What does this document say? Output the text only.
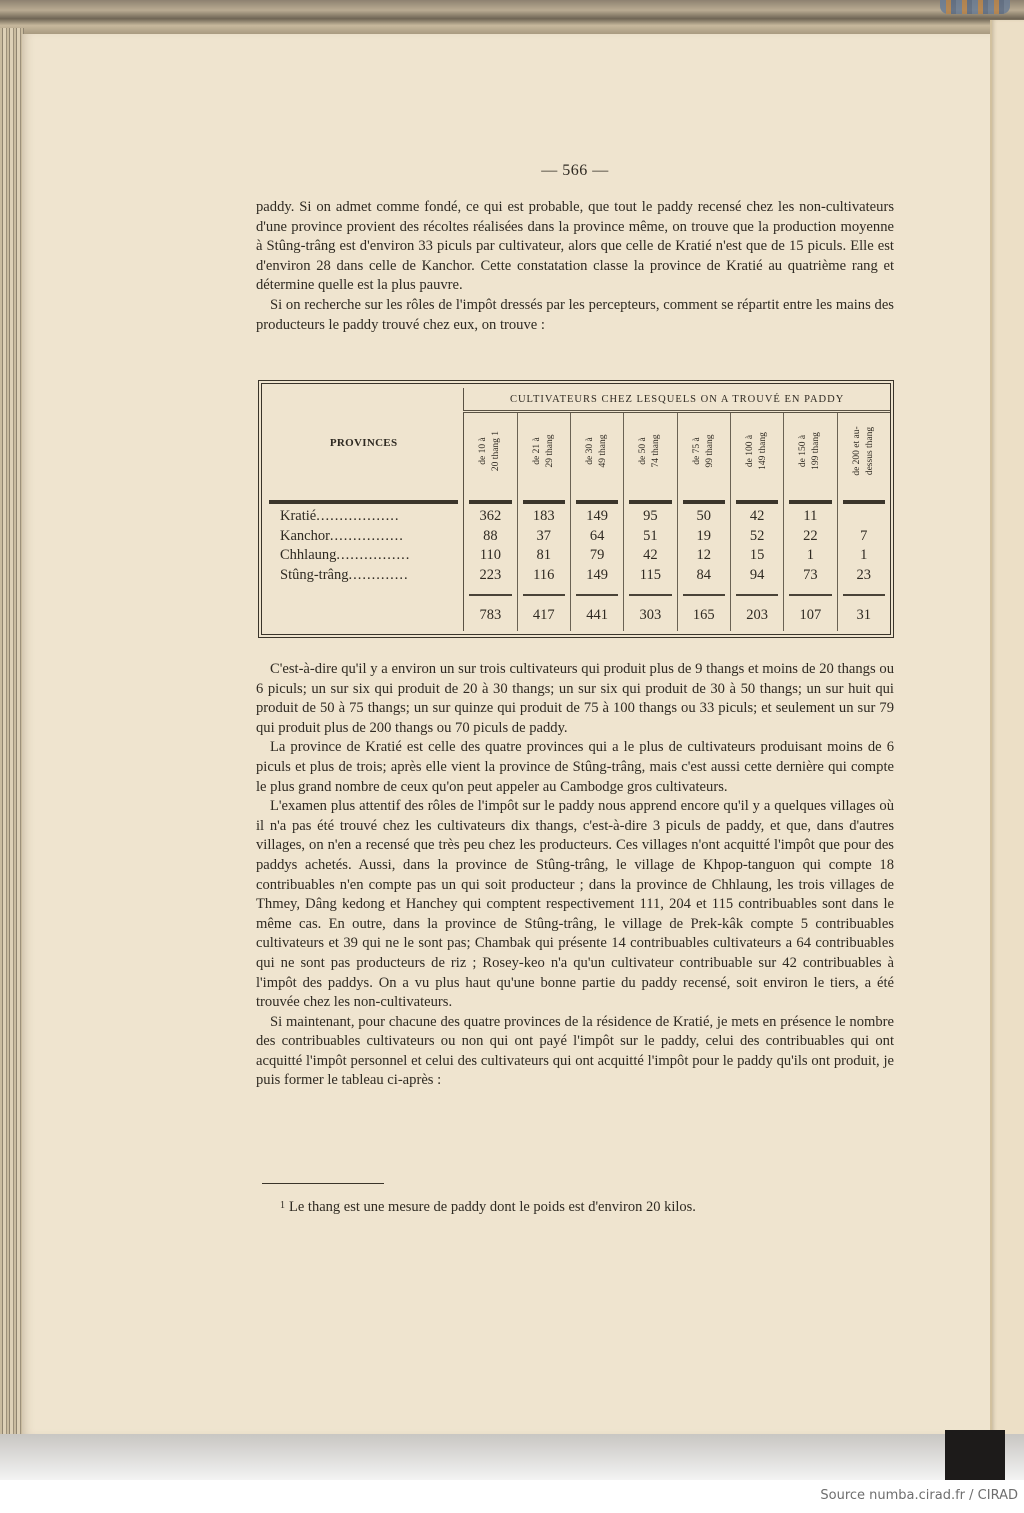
— 566 —

paddy. Si on admet comme fondé, ce qui est probable, que tout le paddy recensé chez les non-cultivateurs d'une province provient des récoltes réalisées dans la province même, on trouve que la production moyenne à Stûng-trâng est d'environ 33 piculs par cultivateur, alors que celle de Kratié n'est que de 15 piculs. Elle est d'environ 28 dans celle de Kanchor. Cette constatation classe la province de Kratié au quatrième rang et détermine quelle est la plus pauvre.

Si on recherche sur les rôles de l'impôt dressés par les percepteurs, comment se répartit entre les mains des producteurs le paddy trouvé chez eux, on trouve :

PROVINCES	CULTIVATEURS CHEZ LESQUELS ON A TROUVÉ EN PADDY							

	de 10 à 20 thang 1	de 21 à 29 thang	de 30 à 49 thang	de 50 à 74 thang	de 75 à 99 thang	de 100 à 149 thang	de 150 à 199 thang	de 200 et au- dessus thang

Kratié..................	362	183	149	95	50	42	11	
Kanchor................	88	37	64	51	19	52	22	7
Chhlaung................	110	81	79	42	12	15	1	1
Stûng-trâng.............	223	116	149	115	84	94	73	23

	783	417	441	303	165	203	107	31

C'est-à-dire qu'il y a environ un sur trois cultivateurs qui produit plus de 9 thangs et moins de 20 thangs ou 6 piculs; un sur six qui produit de 20 à 30 thangs; un sur six qui produit de 30 à 50 thangs; un sur huit qui produit de 50 à 75 thangs; un sur quinze qui produit de 75 à 100 thangs ou 33 piculs; et seulement un sur 79 qui produit plus de 200 thangs ou 70 piculs de paddy.

La province de Kratié est celle des quatre provinces qui a le plus de cultivateurs produisant moins de 6 piculs et plus de trois; après elle vient la province de Stûng-trâng, mais c'est aussi cette dernière qui compte le plus grand nombre de ceux qu'on peut appeler au Cambodge gros cultivateurs.

L'examen plus attentif des rôles de l'impôt sur le paddy nous apprend encore qu'il y a quelques villages où il n'a pas été trouvé chez les cultivateurs dix thangs, c'est-à-dire 3 piculs de paddy, et que, dans d'autres villages, on n'en a recensé que très peu chez les producteurs. Ces villages n'ont acquitté l'impôt que pour des paddys achetés. Aussi, dans la province de Stûng-trâng, le village de Khpop-tanguon qui compte 18 contribuables n'en compte pas un qui soit producteur ; dans la province de Chhlaung, les trois villages de Thmey, Dâng kedong et Hanchey qui comptent respectivement 111, 204 et 115 contribuables sont dans le même cas. En outre, dans la province de Stûng-trâng, le village de Prek-kâk compte 5 contribuables cultivateurs et 39 qui ne le sont pas; Chambak qui présente 14 contribuables cultivateurs a 64 contribuables qui ne sont pas producteurs de riz ; Rosey-keo n'a qu'un cultivateur contribuable sur 42 contribuables à l'impôt des paddys. On a vu plus haut qu'une bonne partie du paddy recensé, soit environ le tiers, a été trouvée chez les non-cultivateurs.

Si maintenant, pour chacune des quatre provinces de la résidence de Kratié, je mets en présence le nombre des contribuables cultivateurs ou non qui ont payé l'impôt sur le paddy, celui des contribuables qui ont acquitté l'impôt personnel et celui des cultivateurs qui ont acquitté l'impôt pour le paddy qu'ils ont produit, je puis former le tableau ci-après :

$^1$ Le thang est une mesure de paddy dont le poids est d'environ 20 kilos.
Source numba.cirad.fr / CIRAD
